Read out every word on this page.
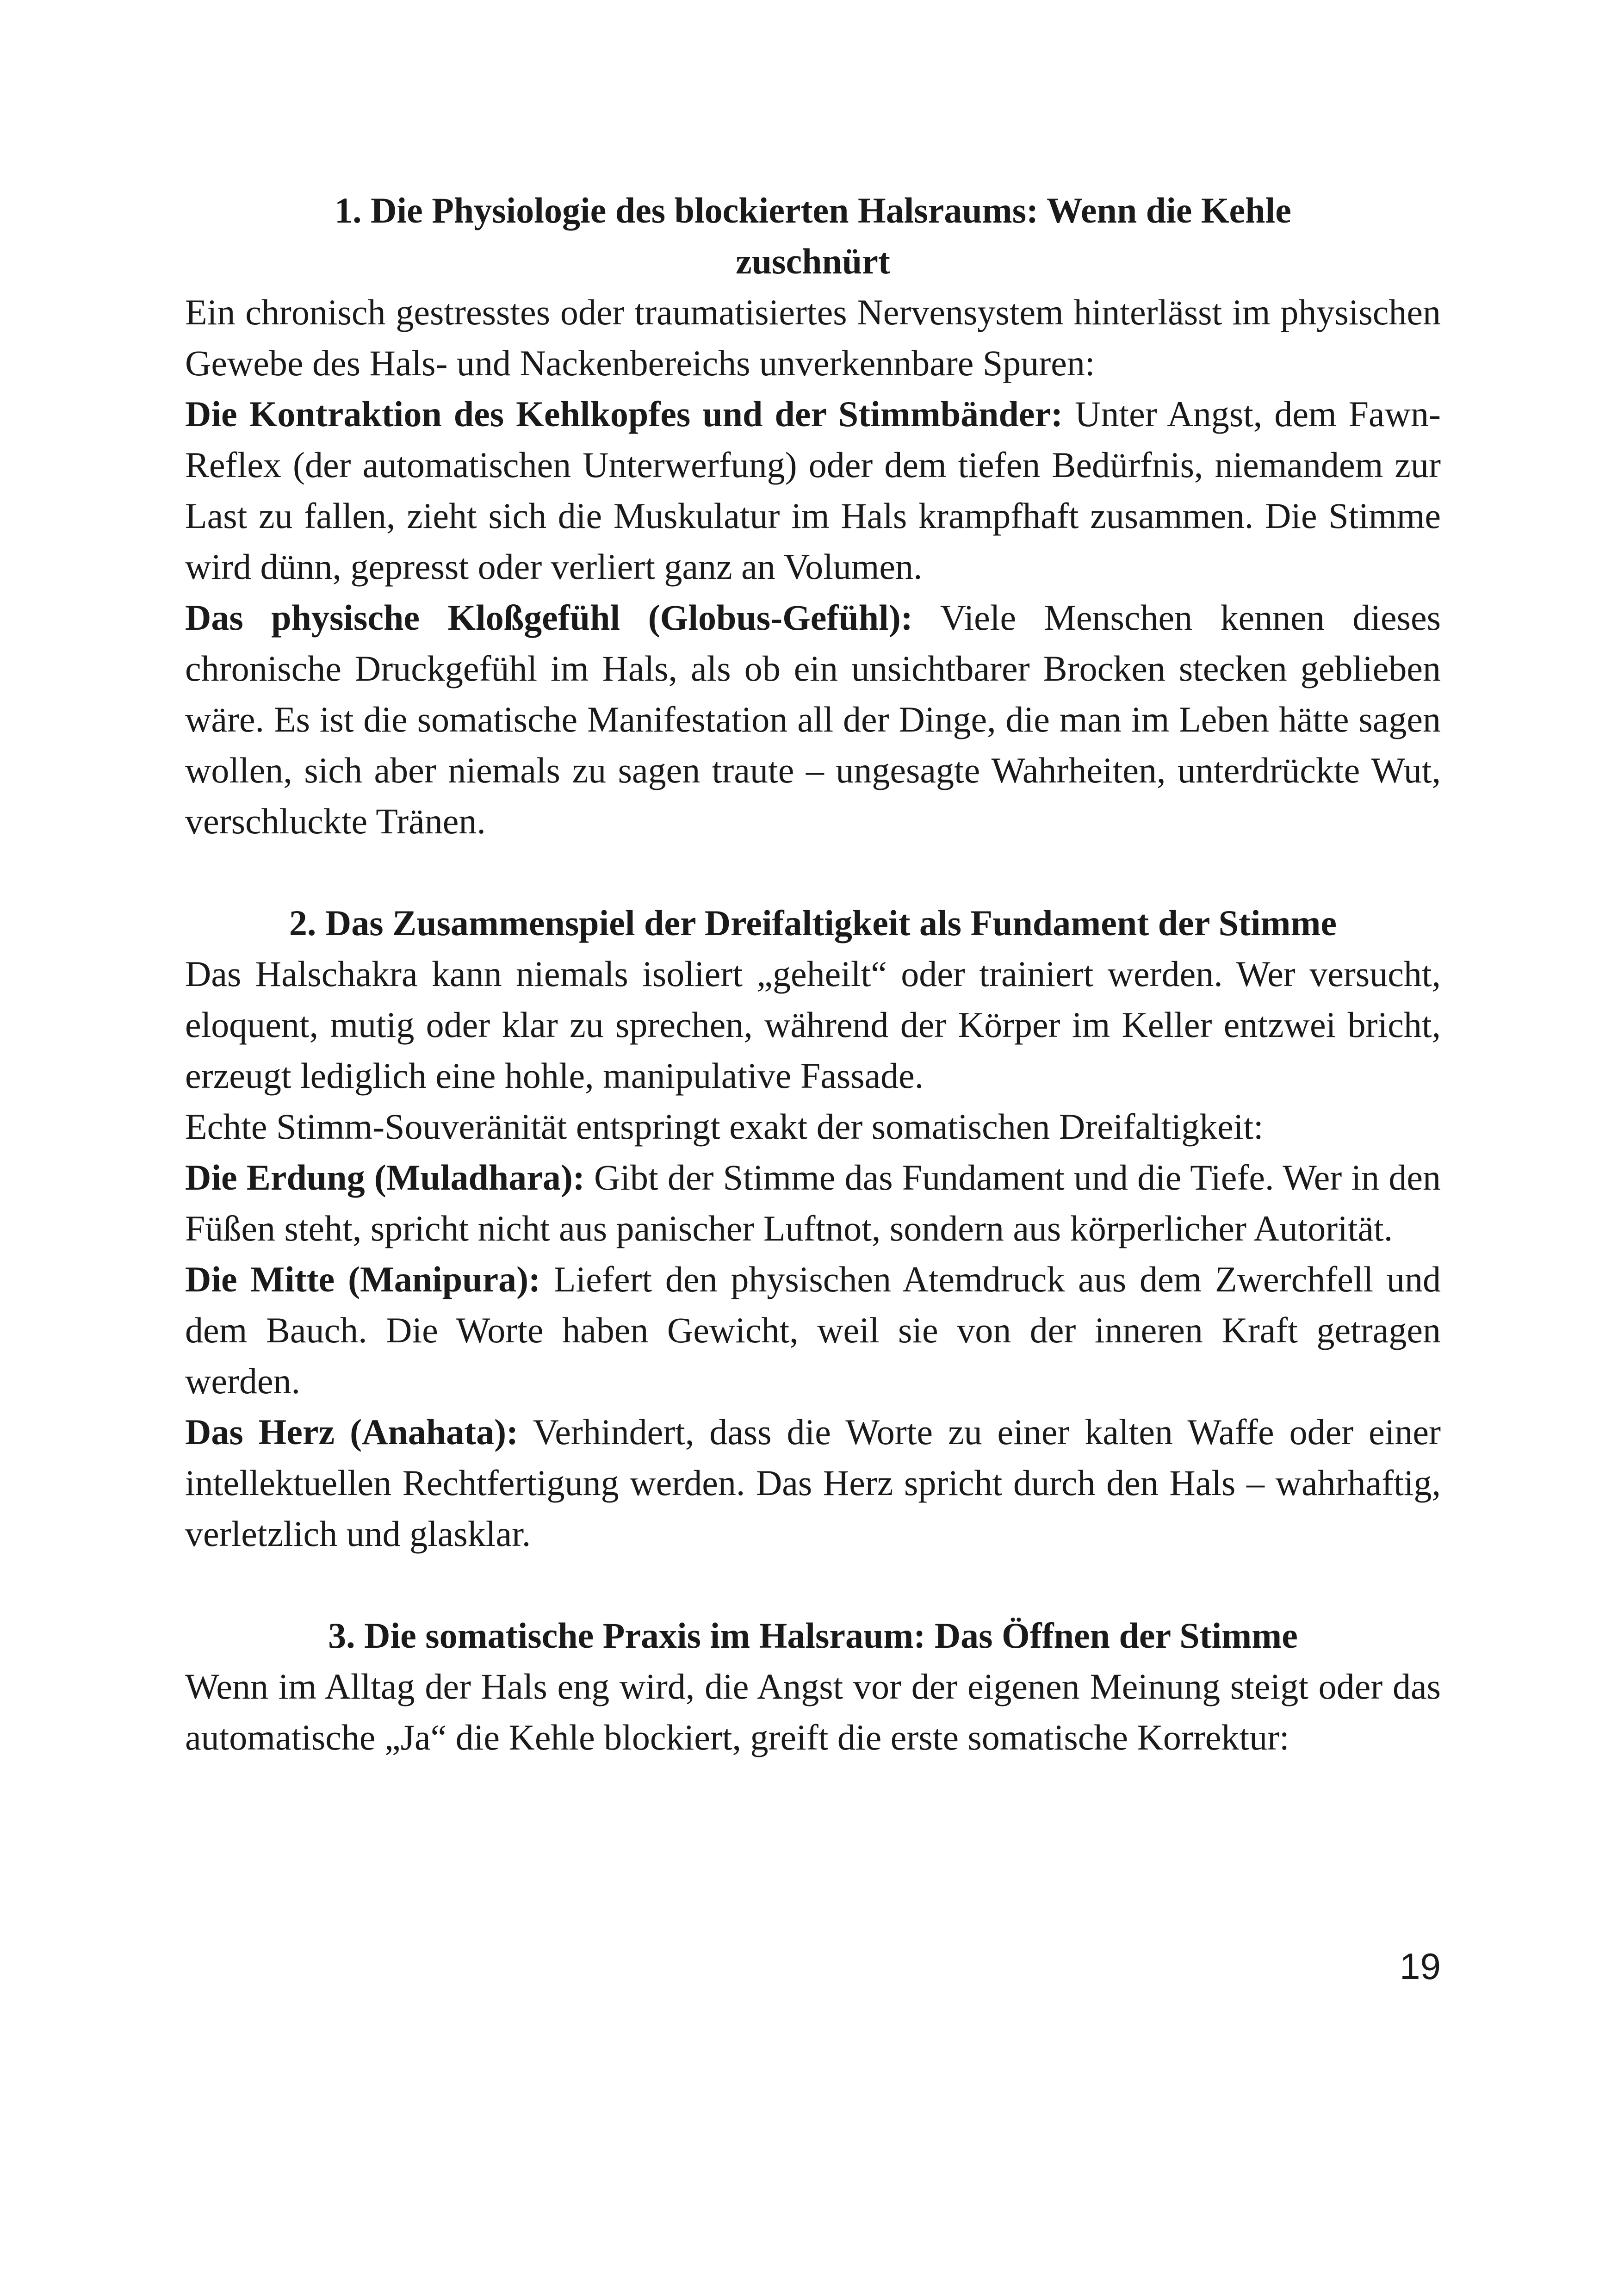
1. Die Physiologie des blockierten Halsraums: Wenn die Kehle zuschnürt

Ein chronisch gestresstes oder traumatisiertes Nervensystem hinterlässt im physischen Gewebe des Hals- und Nackenbereichs unverkennbare Spuren:

Die Kontraktion des Kehlkopfes und der Stimmbänder: Unter Angst, dem Fawn-Reflex (der automatischen Unterwerfung) oder dem tiefen Bedürfnis, niemandem zur Last zu fallen, zieht sich die Muskulatur im Hals krampfhaft zusammen. Die Stimme wird dünn, gepresst oder verliert ganz an Volumen.

Das physische Kloßgefühl (Globus-Gefühl): Viele Menschen kennen dieses chronische Druckgefühl im Hals, als ob ein unsichtbarer Brocken stecken geblieben wäre. Es ist die somatische Manifestation all der Dinge, die man im Leben hätte sagen wollen, sich aber niemals zu sagen traute – ungesagte Wahrheiten, unterdrückte Wut, verschluckte Tränen.

2. Das Zusammenspiel der Dreifaltigkeit als Fundament der Stimme

Das Halschakra kann niemals isoliert „geheilt“ oder trainiert werden. Wer versucht, eloquent, mutig oder klar zu sprechen, während der Körper im Keller entzwei bricht, erzeugt lediglich eine hohle, manipulative Fassade.

Echte Stimm-Souveränität entspringt exakt der somatischen Dreifaltigkeit:

Die Erdung (Muladhara): Gibt der Stimme das Fundament und die Tiefe. Wer in den Füßen steht, spricht nicht aus panischer Luftnot, sondern aus körperlicher Autorität.

Die Mitte (Manipura): Liefert den physischen Atemdruck aus dem Zwerchfell und dem Bauch. Die Worte haben Gewicht, weil sie von der inneren Kraft getragen werden.

Das Herz (Anahata): Verhindert, dass die Worte zu einer kalten Waffe oder einer intellektuellen Rechtfertigung werden. Das Herz spricht durch den Hals – wahrhaftig, verletzlich und glasklar.

3. Die somatische Praxis im Halsraum: Das Öffnen der Stimme

Wenn im Alltag der Hals eng wird, die Angst vor der eigenen Meinung steigt oder das automatische „Ja“ die Kehle blockiert, greift die erste somatische Korrektur:

19
